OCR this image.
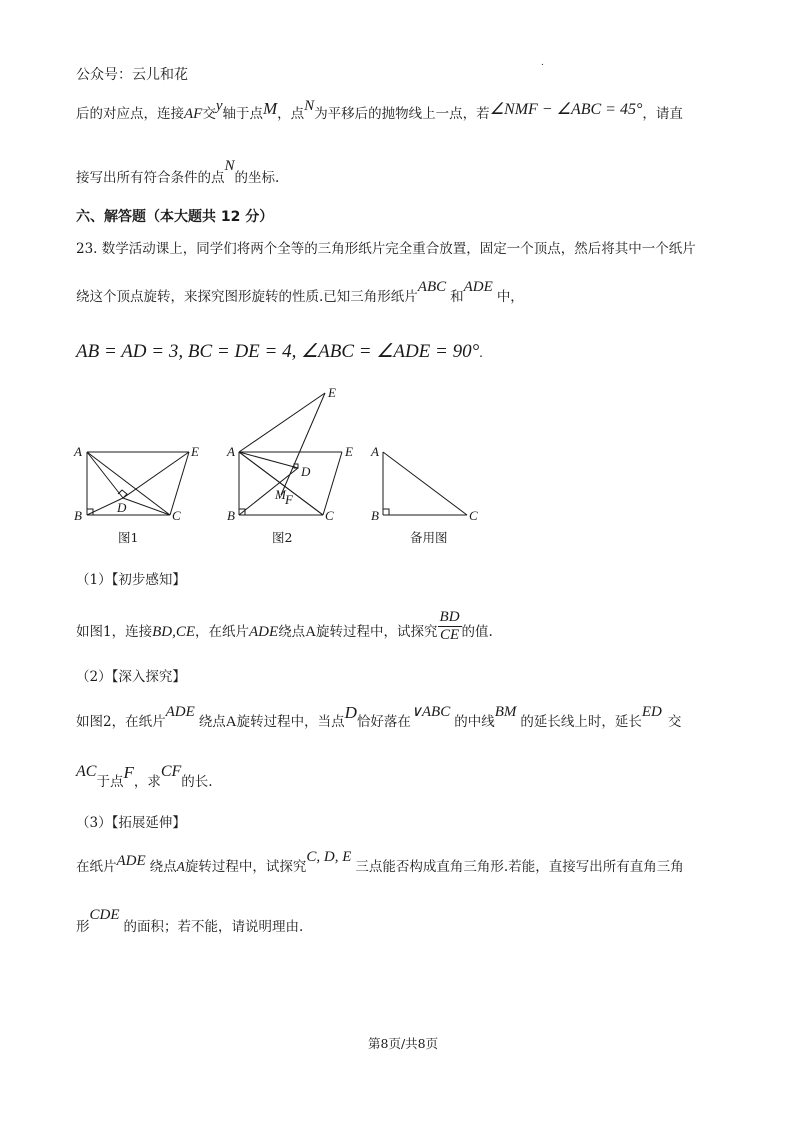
公众号：云儿和花
.
后的对应点，连接AF交y轴于点M，点N为平移后的抛物线上一点，若∠NMF − ∠ABC = 45°，请直
接写出所有符合条件的点N的坐标.
六、解答题（本大题共 12 分）
23. 数学活动课上，同学们将两个全等的三角形纸片完全重合放置，固定一个顶点，然后将其中一个纸片
绕这个顶点旋转，来探究图形旋转的性质.已知三角形纸片ABC和ADE中，
AB = AD = 3, BC = DE = 4, ∠ABC = ∠ADE = 90°.
A
B	C
D
E A
B	C
D
E
E
M F
A
B	C
图1	图2	备用图
（1）【初步感知】
如图1，连接BD,CE，在纸片ADE绕点A旋转过程中，试探究 $\frac{BD}{CE}$ 的值.
（2）【深入探究】
如图2，在纸片ADE绕点A旋转过程中，当点D恰好落在∨ABC的中线BM的延长线上时，延长ED交
AC于点F，求CF的长.
（3）【拓展延伸】
在纸片ADE 绕点A旋转过程中，试探究C, D, E三点能否构成直角三角形.若能，直接写出所有直角三角
形CDE的面积；若不能，请说明理由.
第8页/共8页
